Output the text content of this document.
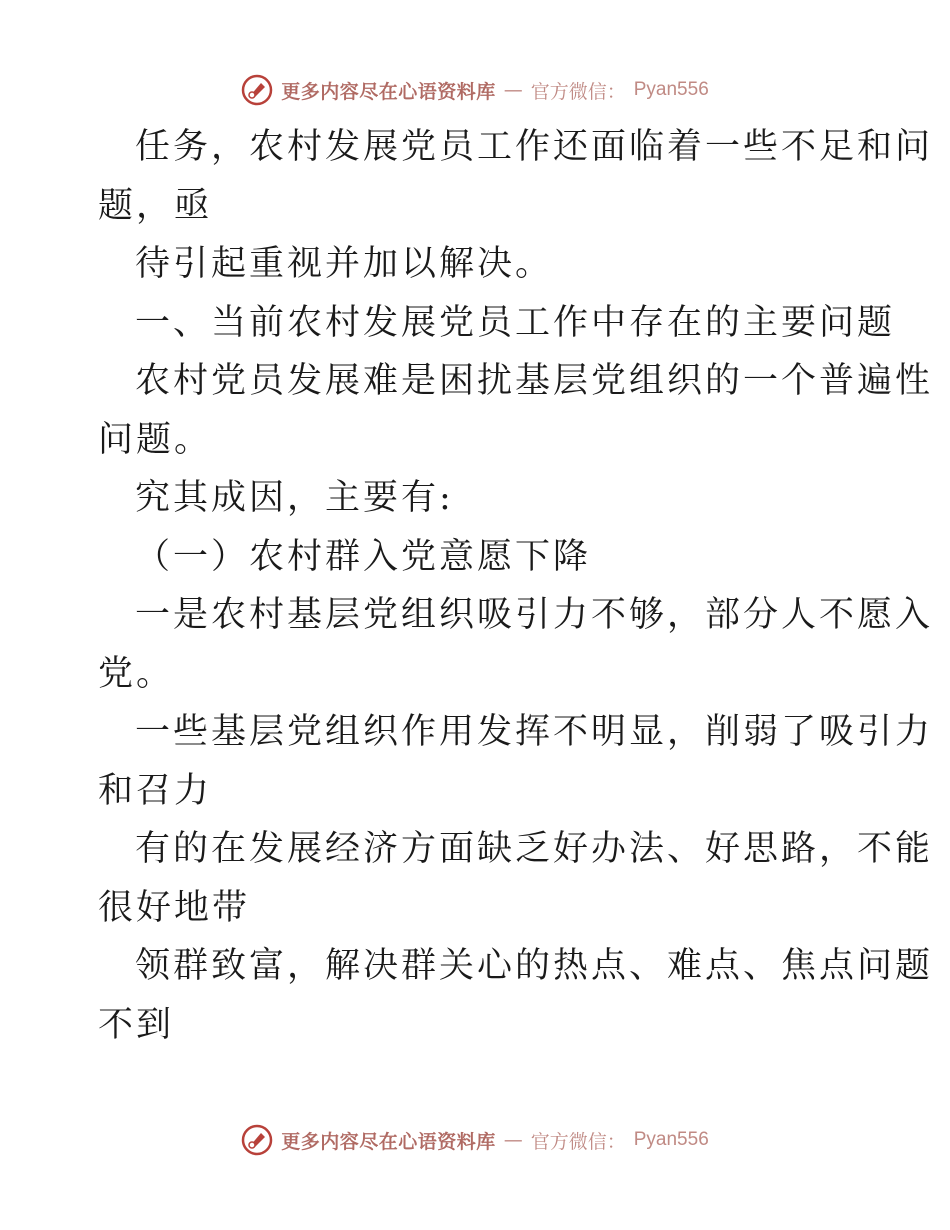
更多内容尽在心语资料库 — 官方微信： Pyan556
任务，农村发展党员工作还面临着一些不足和问
题，亟
待引起重视并加以解决。
一、当前农村发展党员工作中存在的主要问题
农村党员发展难是困扰基层党组织的一个普遍性
问题。
究其成因，主要有:
（一）农村群入党意愿下降
一是农村基层党组织吸引力不够，部分人不愿入
党。
一些基层党组织作用发挥不明显，削弱了吸引力
和召力
有的在发展经济方面缺乏好办法、好思路，不能
很好地带
领群致富，解决群关心的热点、难点、焦点问题
不到
更多内容尽在心语资料库 — 官方微信： Pyan556
